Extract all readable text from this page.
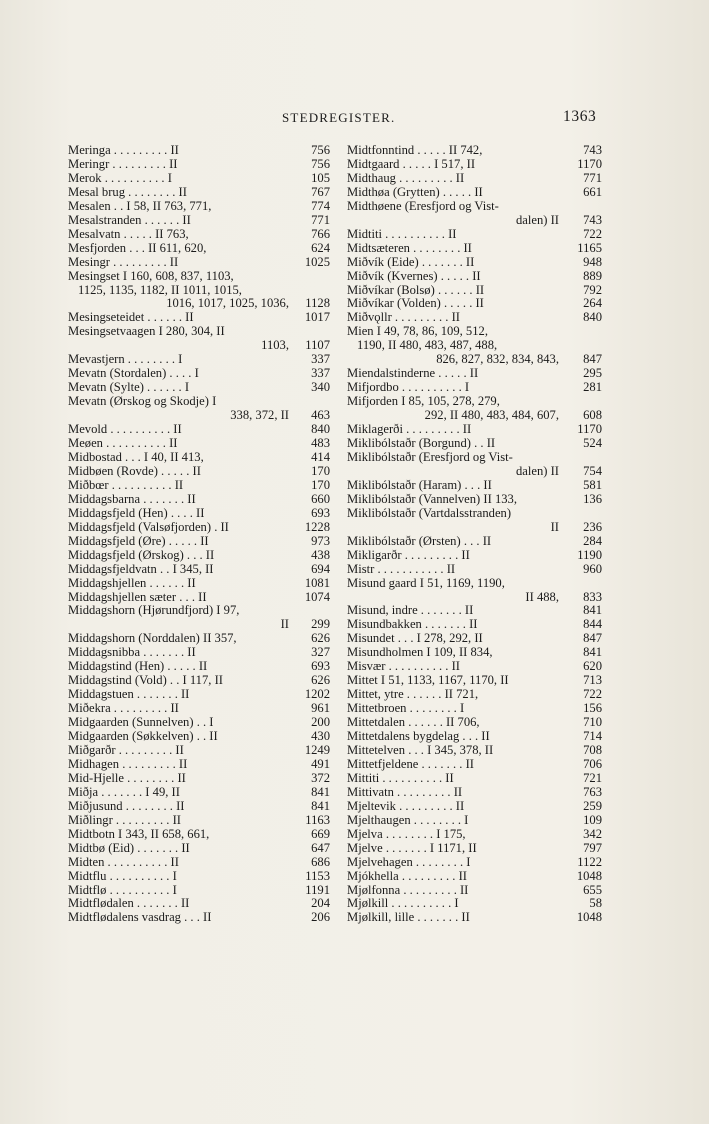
STEDREGISTER.	1363
Meringa . . . . . . . . . II	756
Meringr . . . . . . . . . II	756
Merok . . . . . . . . . . I	105
Mesal brug . . . . . . . . II	767
Mesalen . . I 58, II 763, 771,	774
Mesalstranden . . . . . . II	771
Mesalvatn . . . . . II 763,	766
Mesfjorden . . . II 611, 620,	624
Mesingr . . . . . . . . . II	1025
Mesingset I 160, 608, 837, 1103,
1125, 1135, 1182, II 1011, 1015,
1016, 1017, 1025, 1036,	1128
Mesingseteidet . . . . . . II	1017
Mesingsetvaagen I 280, 304, II
1103,	1107
Mevastjern . . . . . . . . I	337
Mevatn (Stordalen) . . . . I	337
Mevatn (Sylte) . . . . . . I	340
Mevatn (Ørskog og Skodje) I
338, 372, II	463
Mevold . . . . . . . . . . II	840
Meøen . . . . . . . . . . II	483
Midbostad . . . I 40, II 413,	414
Midbøen (Rovde) . . . . . II	170
Miðbœr . . . . . . . . . . II	170
Middagsbarna . . . . . . . II	660
Middagsfjeld (Hen) . . . . II	693
Middagsfjeld (Valsøfjorden) . II	1228
Middagsfjeld (Øre) . . . . . II	973
Middagsfjeld (Ørskog) . . . II	438
Middagsfjeldvatn . . I 345, II	694
Middagshjellen . . . . . . II	1081
Middagshjellen sæter . . . II	1074
Middagshorn (Hjørundfjord) I 97,
II	299
Middagshorn (Norddalen) II 357,	626
Middagsnibba . . . . . . . II	327
Middagstind (Hen) . . . . . II	693
Middagstind (Vold) . . I 117, II	626
Middagstuen . . . . . . . II	1202
Miðekra . . . . . . . . . II	961
Midgaarden (Sunnelven) . . I	200
Midgaarden (Søkkelven) . . II	430
Miðgarðr . . . . . . . . . II	1249
Midhagen . . . . . . . . . II	491
Mid-Hjelle . . . . . . . . II	372
Miðja . . . . . . . I 49, II	841
Miðjusund . . . . . . . . II	841
Miðlingr . . . . . . . . . II	1163
Midtbotn I 343, II 658, 661,	669
Midtbø (Eid) . . . . . . . II	647
Midten . . . . . . . . . . II	686
Midtflu . . . . . . . . . . I	1153
Midtflø . . . . . . . . . . I	1191
Midtflødalen . . . . . . . II	204
Midtflødalens vasdrag . . . II	206
Midtfonntind . . . . . II 742,	743
Midtgaard . . . . . I 517, II	1170
Midthaug . . . . . . . . . II	771
Midthøa (Grytten) . . . . . II	661
Midthøene (Eresfjord og Vist-
dalen) II	743
Midtiti . . . . . . . . . . II	722
Midtsæteren . . . . . . . . II	1165
Miðvík (Eide) . . . . . . . II	948
Miðvík (Kvernes) . . . . . II	889
Miðvíkar (Bolsø) . . . . . . II	792
Miðvíkar (Volden) . . . . . II	264
Miðvǫllr . . . . . . . . . II	840
Mien I 49, 78, 86, 109, 512,
1190, II 480, 483, 487, 488,
826, 827, 832, 834, 843,	847
Miendalstinderne . . . . . II	295
Mifjordbo . . . . . . . . . . I	281
Mifjorden I 85, 105, 278, 279,
292, II 480, 483, 484, 607,	608
Miklagerði . . . . . . . . . II	1170
Miklibólstaðr (Borgund) . . II	524
Miklibólstaðr (Eresfjord og Vist-
dalen) II	754
Miklibólstaðr (Haram) . . . II	581
Miklibólstaðr (Vannelven) II 133,	136
Miklibólstaðr (Vartdalsstranden)
II	236
Miklibólstaðr (Ørsten) . . . II	284
Mikligarðr . . . . . . . . . II	1190
Mistr . . . . . . . . . . . II	960
Misund gaard I 51, 1169, 1190,
II 488,	833
Misund, indre . . . . . . . II	841
Misundbakken . . . . . . . II	844
Misundet . . . I 278, 292, II	847
Misundholmen I 109, II 834,	841
Misvær . . . . . . . . . . II	620
Mittet I 51, 1133, 1167, 1170, II	713
Mittet, ytre . . . . . . II 721,	722
Mittetbroen . . . . . . . . I	156
Mittetdalen . . . . . . II 706,	710
Mittetdalens bygdelag . . . II	714
Mittetelven . . . I 345, 378, II	708
Mittetfjeldene . . . . . . . II	706
Mittiti . . . . . . . . . . II	721
Mittivatn . . . . . . . . . II	763
Mjeltevik . . . . . . . . . II	259
Mjelthaugen . . . . . . . . I	109
Mjelva . . . . . . . . I 175,	342
Mjelve . . . . . . . I 1171, II	797
Mjelvehagen . . . . . . . . I	1122
Mjókhella . . . . . . . . . II	1048
Mjølfonna . . . . . . . . . II	655
Mjølkill . . . . . . . . . . I	58
Mjølkill, lille . . . . . . . II	1048
